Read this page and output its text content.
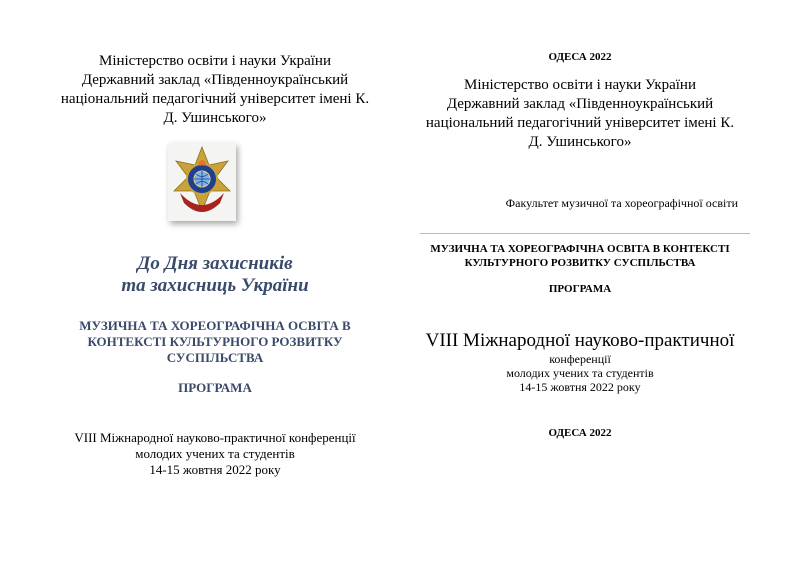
Міністерство освіти і науки України
Державний заклад «Південноукраїнський
національний педагогічний університет імені К.
Д. Ушинського»
До Дня захисників
та захисниць України
МУЗИЧНА ТА ХОРЕОГРАФІЧНА ОСВІТА В
КОНТЕКСТІ КУЛЬТУРНОГО РОЗВИТКУ
СУСПІЛЬСТВА
ПРОГРАМА
VIII Міжнародної науково-практичної конференції
молодих учених та студентів
14-15 жовтня 2022 року
ОДЕСА 2022
Міністерство освіти і науки України
Державний заклад «Південноукраїнський
національний педагогічний університет імені К.
Д. Ушинського»
Факультет музичної та хореографічної освіти
МУЗИЧНА ТА ХОРЕОГРАФІЧНА ОСВІТА В КОНТЕКСТІ
КУЛЬТУРНОГО РОЗВИТКУ СУСПІЛЬСТВА
ПРОГРАМА
VIII Міжнародної науково-практичної
конференції
молодих учених та студентів
14-15 жовтня 2022 року
ОДЕСА 2022
